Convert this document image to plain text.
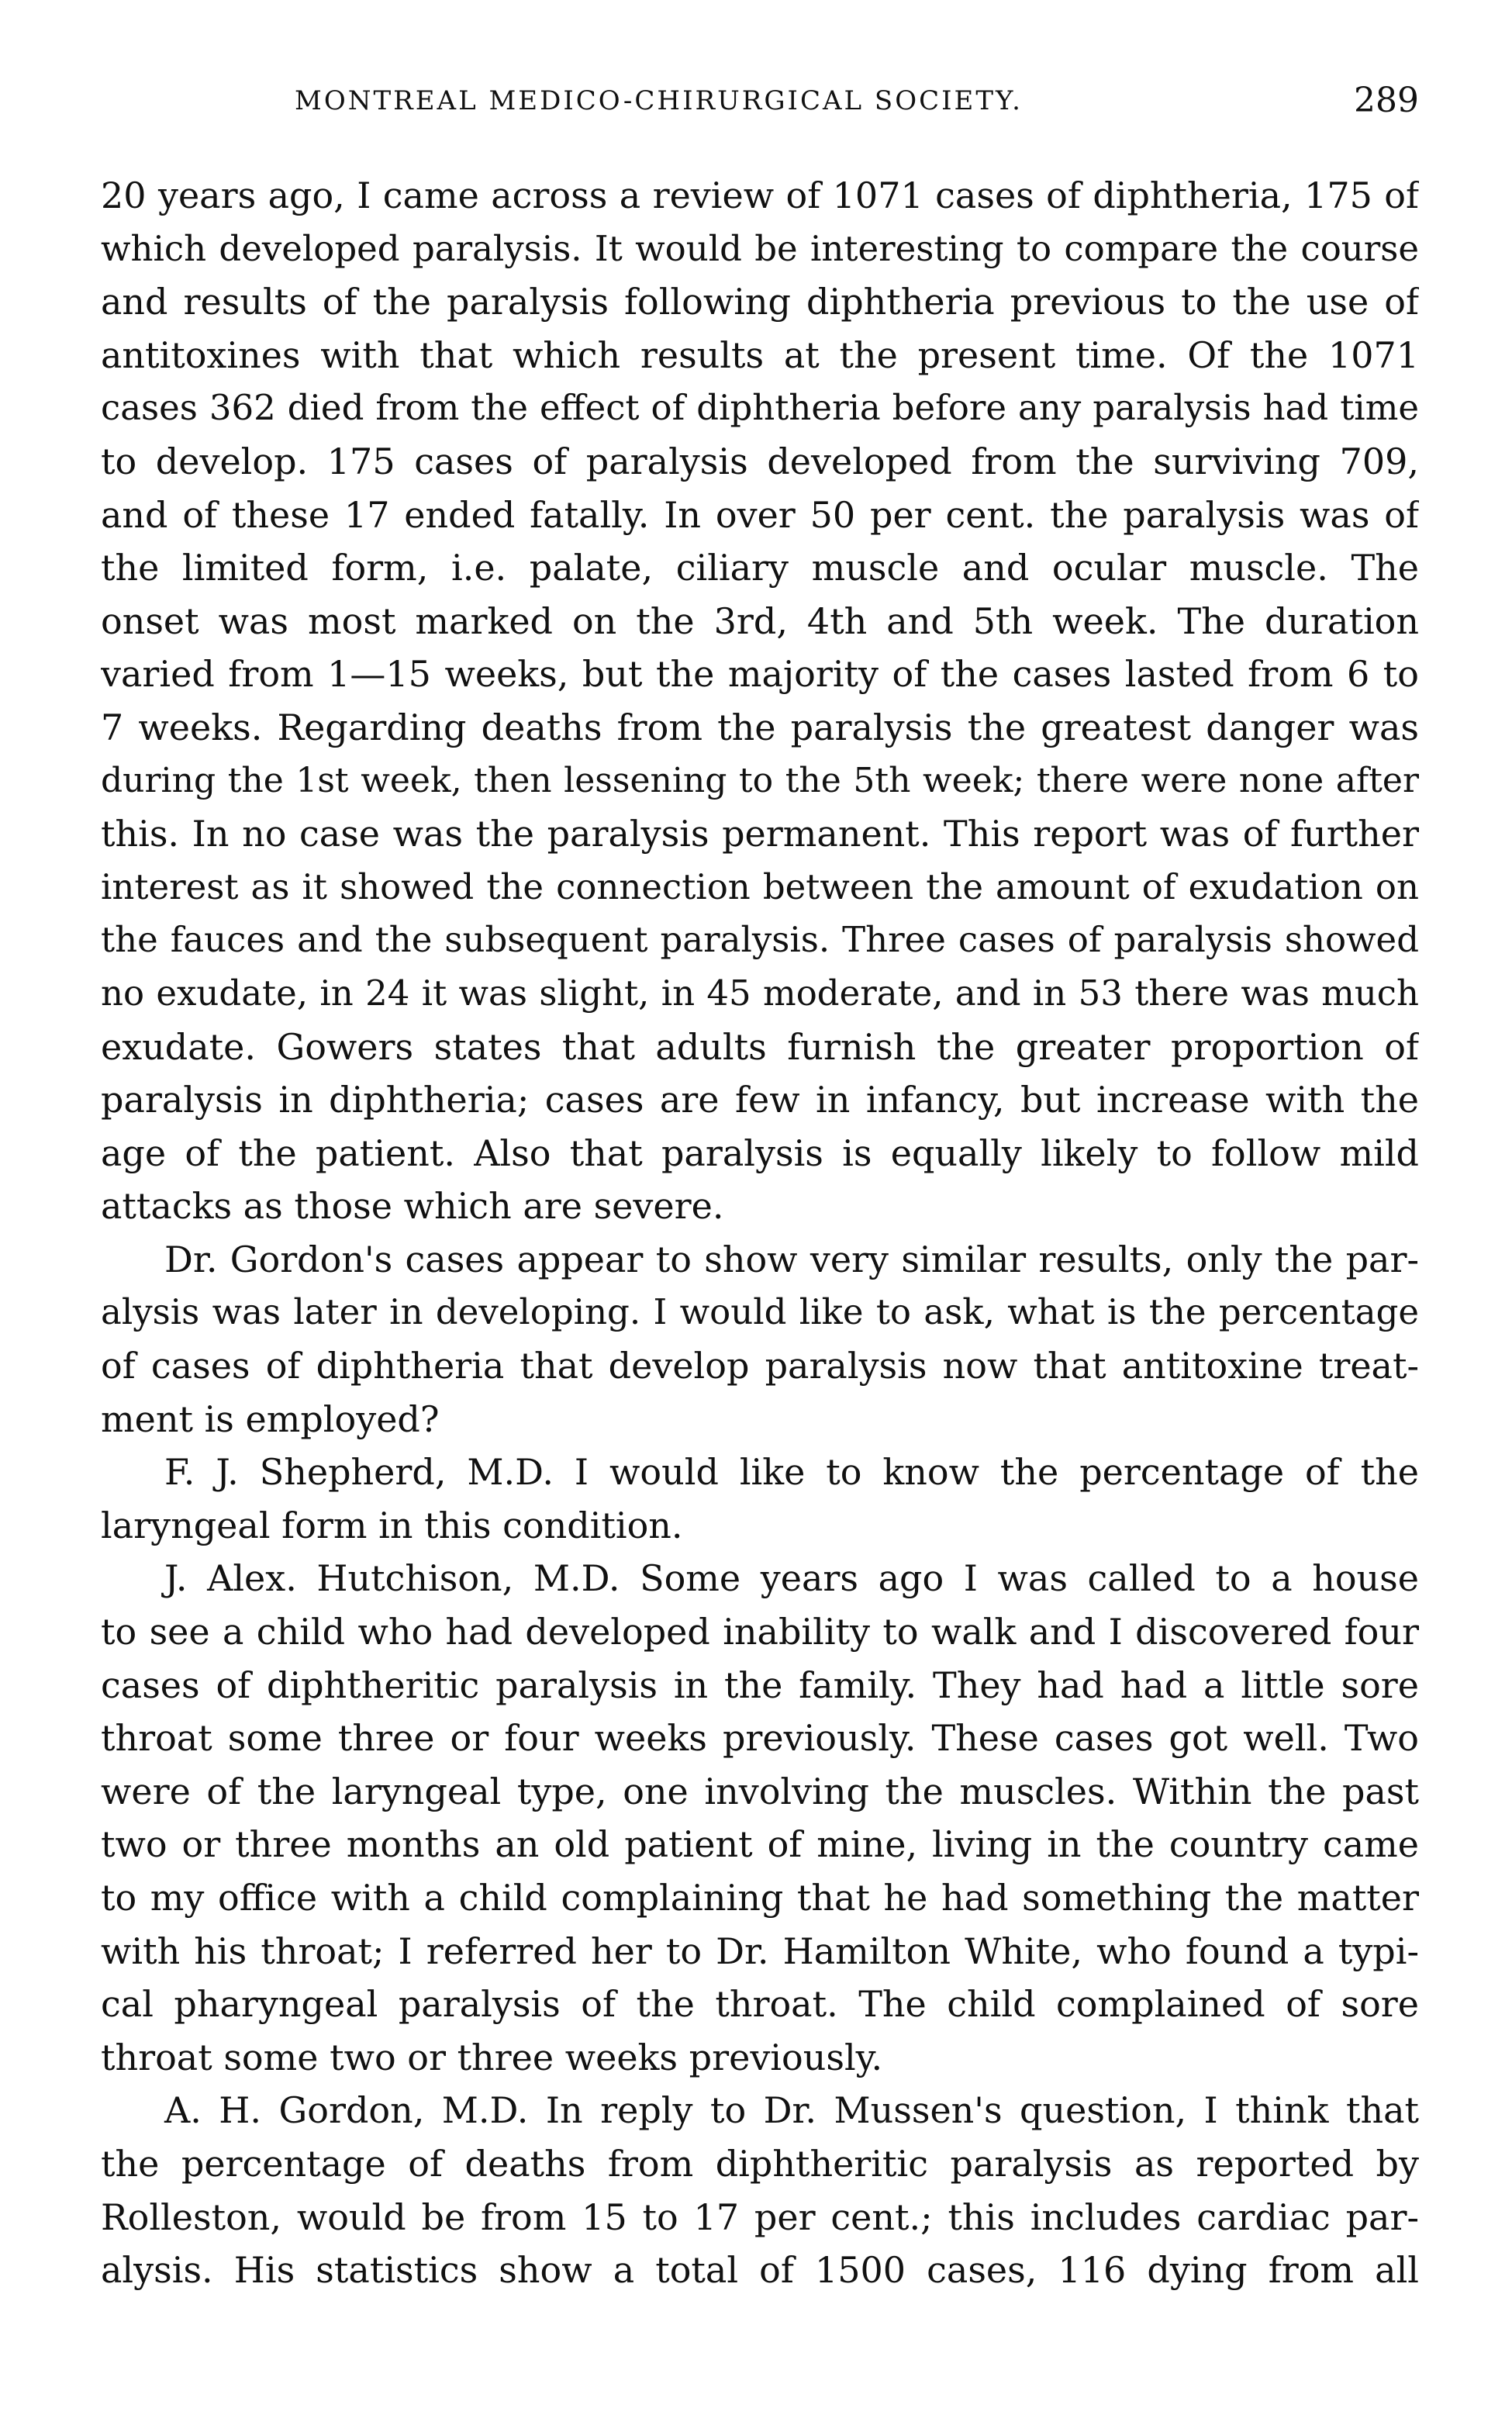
MONTREAL MEDICO-CHIRURGICAL SOCIETY.	289
20 years ago, I came across a review of 1071 cases of diphtheria, 175 of
which developed paralysis. It would be interesting to compare the course
and results of the paralysis following diphtheria previous to the use of
antitoxines with that which results at the present time. Of the 1071
cases 362 died from the effect of diphtheria before any paralysis had time
to develop. 175 cases of paralysis developed from the surviving 709,
and of these 17 ended fatally. In over 50 per cent. the paralysis was of
the limited form, i.e. palate, ciliary muscle and ocular muscle. The
onset was most marked on the 3rd, 4th and 5th week. The duration
varied from 1—15 weeks, but the majority of the cases lasted from 6 to
7 weeks. Regarding deaths from the paralysis the greatest danger was
during the 1st week, then lessening to the 5th week; there were none after
this. In no case was the paralysis permanent. This report was of further
interest as it showed the connection between the amount of exudation on
the fauces and the subsequent paralysis. Three cases of paralysis showed
no exudate, in 24 it was slight, in 45 moderate, and in 53 there was much
exudate. Gowers states that adults furnish the greater proportion of
paralysis in diphtheria; cases are few in infancy, but increase with the
age of the patient. Also that paralysis is equally likely to follow mild
attacks as those which are severe.
Dr. Gordon's cases appear to show very similar results, only the par-
alysis was later in developing. I would like to ask, what is the percentage
of cases of diphtheria that develop paralysis now that antitoxine treat-
ment is employed?
F. J. Shepherd, M.D. I would like to know the percentage of the
laryngeal form in this condition.
J. Alex. Hutchison, M.D. Some years ago I was called to a house
to see a child who had developed inability to walk and I discovered four
cases of diphtheritic paralysis in the family. They had had a little sore
throat some three or four weeks previously. These cases got well. Two
were of the laryngeal type, one involving the muscles. Within the past
two or three months an old patient of mine, living in the country came
to my office with a child complaining that he had something the matter
with his throat; I referred her to Dr. Hamilton White, who found a typi-
cal pharyngeal paralysis of the throat. The child complained of sore
throat some two or three weeks previously.
A. H. Gordon, M.D. In reply to Dr. Mussen's question, I think that
the percentage of deaths from diphtheritic paralysis as reported by
Rolleston, would be from 15 to 17 per cent.; this includes cardiac par-
alysis. His statistics show a total of 1500 cases, 116 dying from all
